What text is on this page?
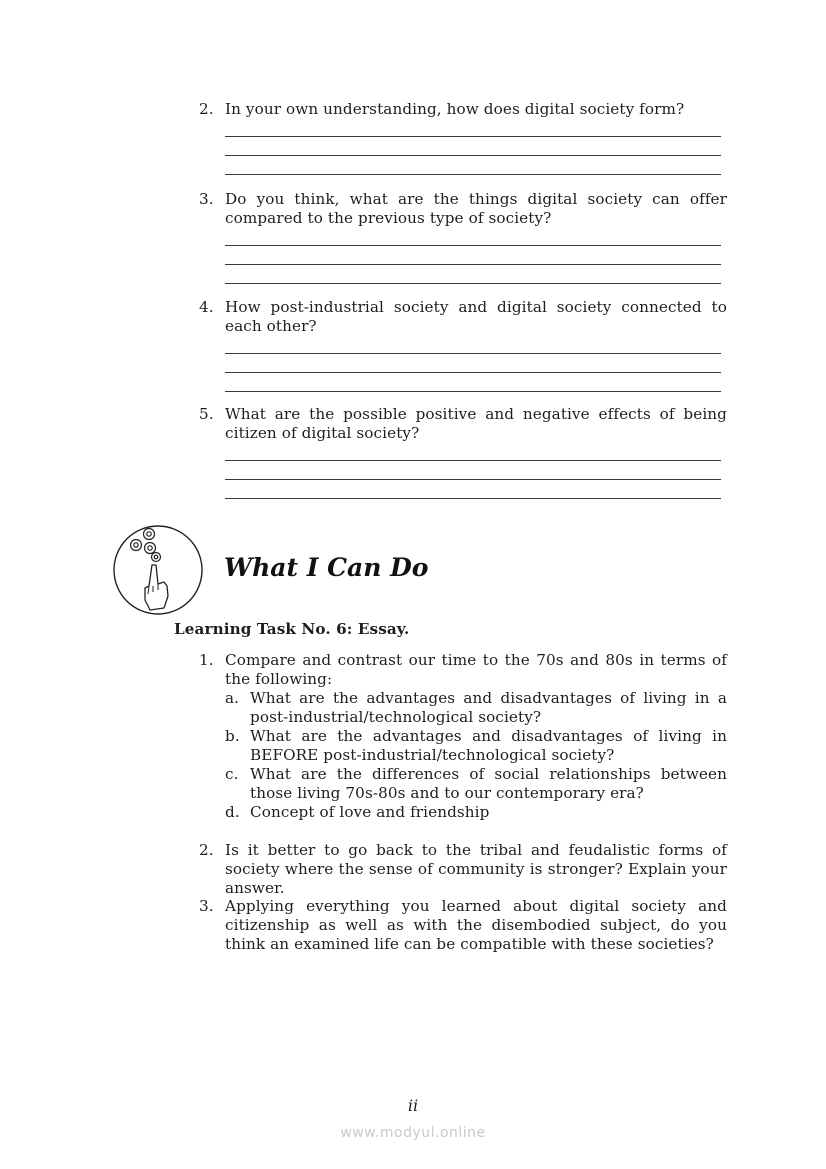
2. In your own understanding, how does digital society form?
3. Do you think, what are the things digital society can offer compared to the previous type of society?
4. How post-industrial society and digital society connected to each other?
5. What are the possible positive and negative effects of being citizen of digital society?
What I Can Do
Learning Task No. 6: Essay.
1. Compare and contrast our time to the 70s and 80s in terms of the following:
a. What are the advantages and disadvantages of living in a post-industrial/technological society?
b. What are the advantages and disadvantages of living in BEFORE post-industrial/technological society?
c. What are the differences of social relationships between those living 70s-80s and to our contemporary era?
d. Concept of love and friendship
2. Is it better to go back to the tribal and feudalistic forms of society where the sense of community is stronger? Explain your answer.
3. Applying everything you learned about digital society and citizenship as well as with the disembodied subject, do you think an examined life can be compatible with these societies?
ii
www.modyul.online
